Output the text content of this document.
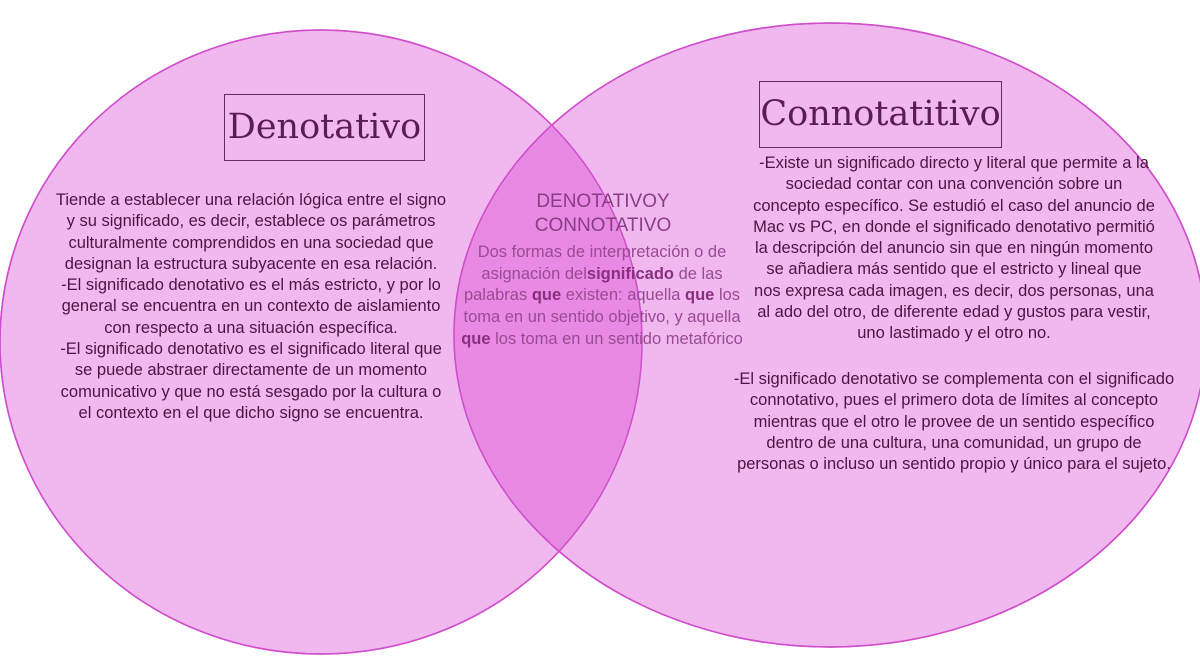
Denotativo

Tiende a establecer una relación lógica entre el signo y su significado, es decir, establece os parámetros culturalmente comprendidos en una sociedad que designan la estructura subyacente en esa relación.

-El significado denotativo es el más estricto, y por lo general se encuentra en un contexto de aislamiento con respecto a una situación específica.

-El significado denotativo es el significado literal que se puede abstraer directamente de un momento comunicativo y que no está sesgado por la cultura o el contexto en el que dicho signo se encuentra.

DENOTATIVOY CONNOTATIVO
Dos formas de interpretación o de asignación delsignificado de las palabras que existen: aquella que los toma en un sentido objetivo, y aquella que los toma en un sentido metafórico
Connotatitivo

-Existe un significado directo y literal que permite a la sociedad contar con una convención sobre un concepto específico. Se estudió el caso del anuncio de Mac vs PC, en donde el significado denotativo permitió la descripción del anuncio sin que en ningún momento se añadiera más sentido que el estricto y lineal que nos expresa cada imagen, es decir, dos personas, una al ado del otro, de diferente edad y gustos para vestir, uno lastimado y el otro no.

-El significado denotativo se complementa con el significado connotativo, pues el primero dota de límites al concepto mientras que el otro le provee de un sentido específico dentro de una cultura, una comunidad, un grupo de personas o incluso un sentido propio y único para el sujeto.
